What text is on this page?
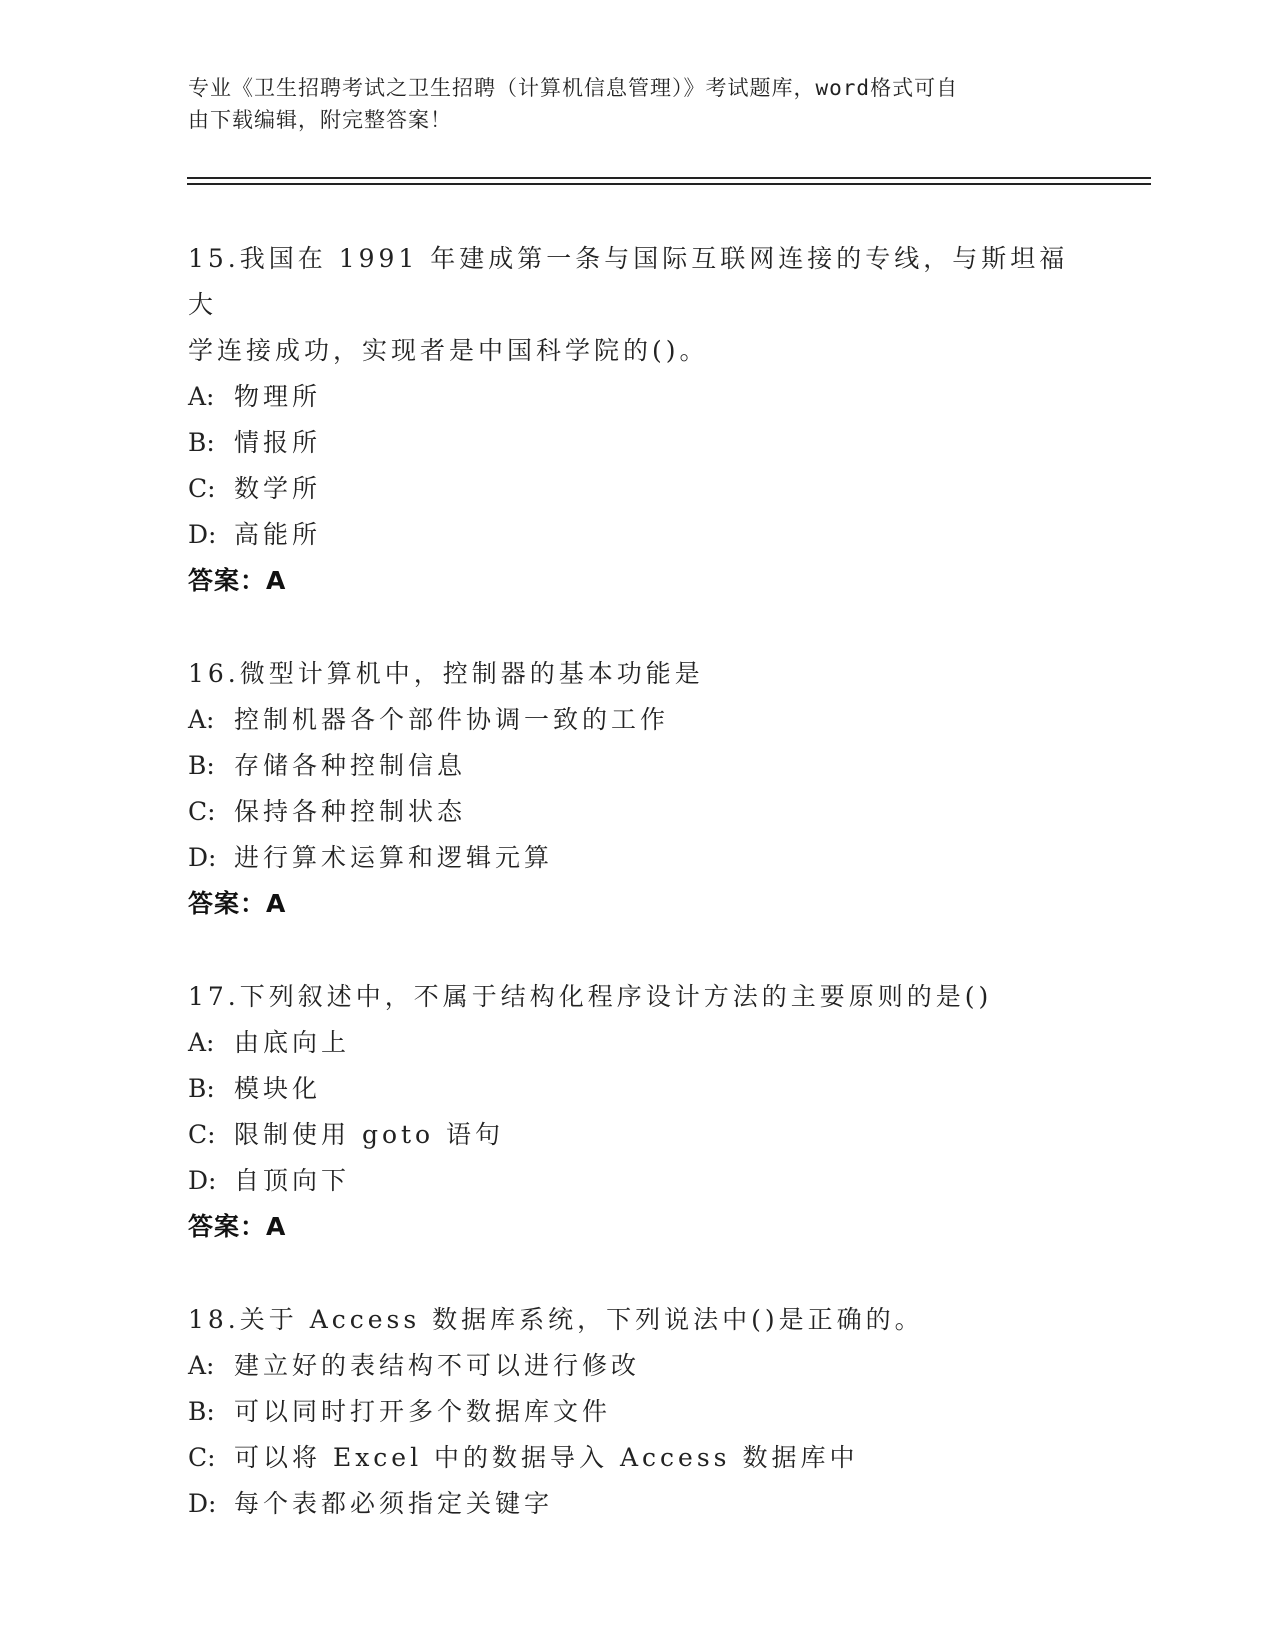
专业《卫生招聘考试之卫生招聘（计算机信息管理）》考试题库，word格式可自
由下载编辑，附完整答案！
15.我国在 1991 年建成第一条与国际互联网连接的专线，与斯坦福大
学连接成功，实现者是中国科学院的()。
A: 物理所
B: 情报所
C: 数学所
D: 高能所
答案：A
16.微型计算机中，控制器的基本功能是
A: 控制机器各个部件协调一致的工作
B: 存储各种控制信息
C: 保持各种控制状态
D: 进行算术运算和逻辑元算
答案：A
17.下列叙述中，不属于结构化程序设计方法的主要原则的是()
A: 由底向上
B: 模块化
C: 限制使用 goto 语句
D: 自顶向下
答案：A
18.关于 Access 数据库系统，下列说法中()是正确的。
A: 建立好的表结构不可以进行修改
B: 可以同时打开多个数据库文件
C: 可以将 Excel 中的数据导入 Access 数据库中
D: 每个表都必须指定关键字
